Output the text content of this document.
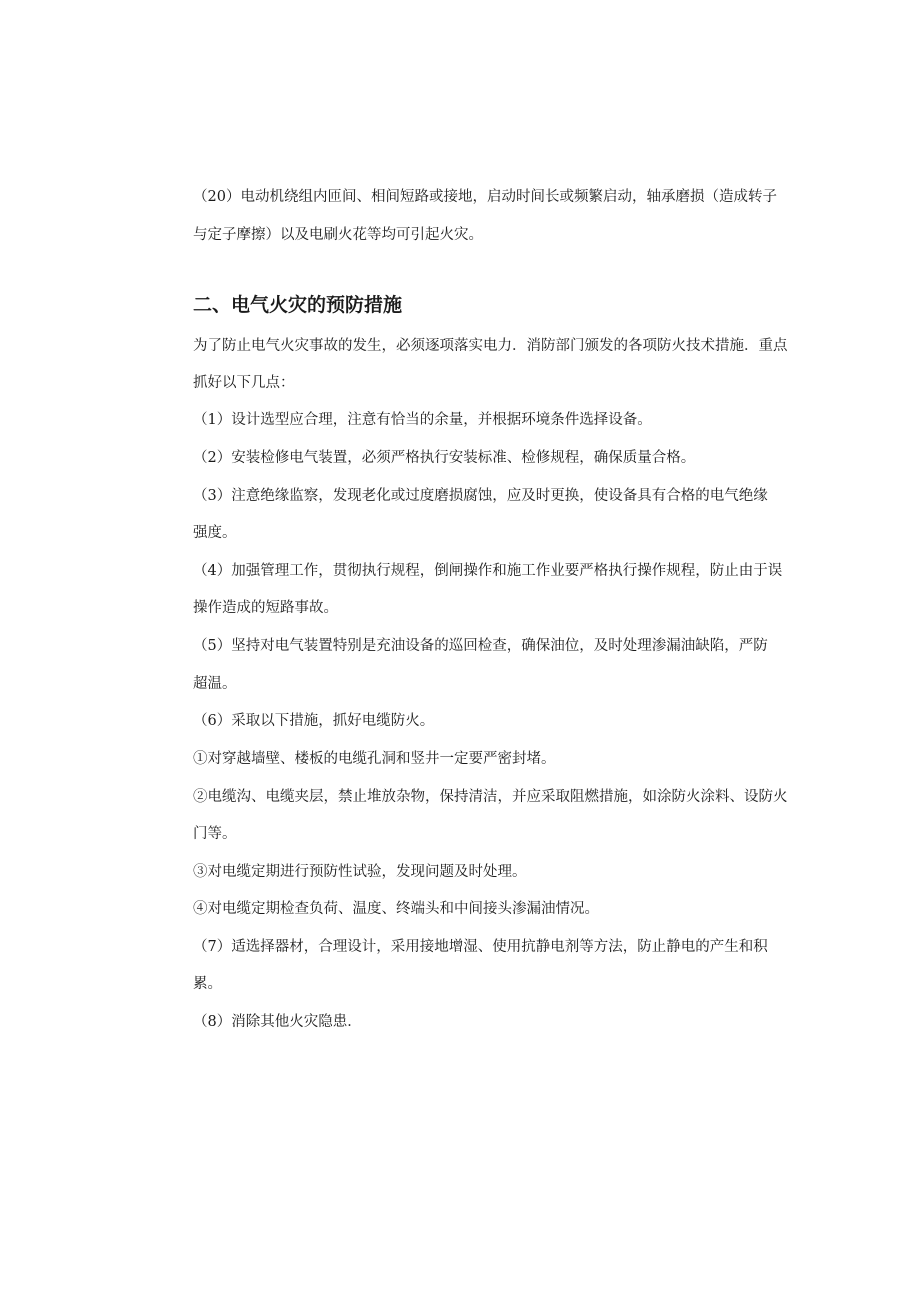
（20）电动机绕组内匝间、相间短路或接地，启动时间长或频繁启动，轴承磨损（造成转子
与定子摩擦）以及电刷火花等均可引起火灾。
二、电气火灾的预防措施
为了防止电气火灾事故的发生，必须逐项落实电力．消防部门颁发的各项防火技术措施．重点
抓好以下几点：
（1）设计选型应合理，注意有恰当的余量，并根据环境条件选择设备。
（2）安装检修电气装置，必须严格执行安装标准、检修规程，确保质量合格。
（3）注意绝缘监察，发现老化或过度磨损腐蚀，应及时更换，使设备具有合格的电气绝缘
强度。
（4）加强管理工作，贯彻执行规程，倒闸操作和施工作业要严格执行操作规程，防止由于误
操作造成的短路事故。
（5）坚持对电气装置特别是充油设备的巡回检查，确保油位，及时处理渗漏油缺陷，严防
超温。
（6）采取以下措施，抓好电缆防火。
①对穿越墙壁、楼板的电缆孔洞和竖井一定要严密封堵。
②电缆沟、电缆夹层，禁止堆放杂物，保持清洁，并应采取阻燃措施，如涂防火涂料、设防火
门等。
③对电缆定期进行预防性试验，发现问题及时处理。
④对电缆定期检查负荷、温度、终端头和中间接头渗漏油情况。
（7）适选择器材，合理设计，采用接地增湿、使用抗静电剂等方法，防止静电的产生和积
累。
（8）消除其他火灾隐患．
